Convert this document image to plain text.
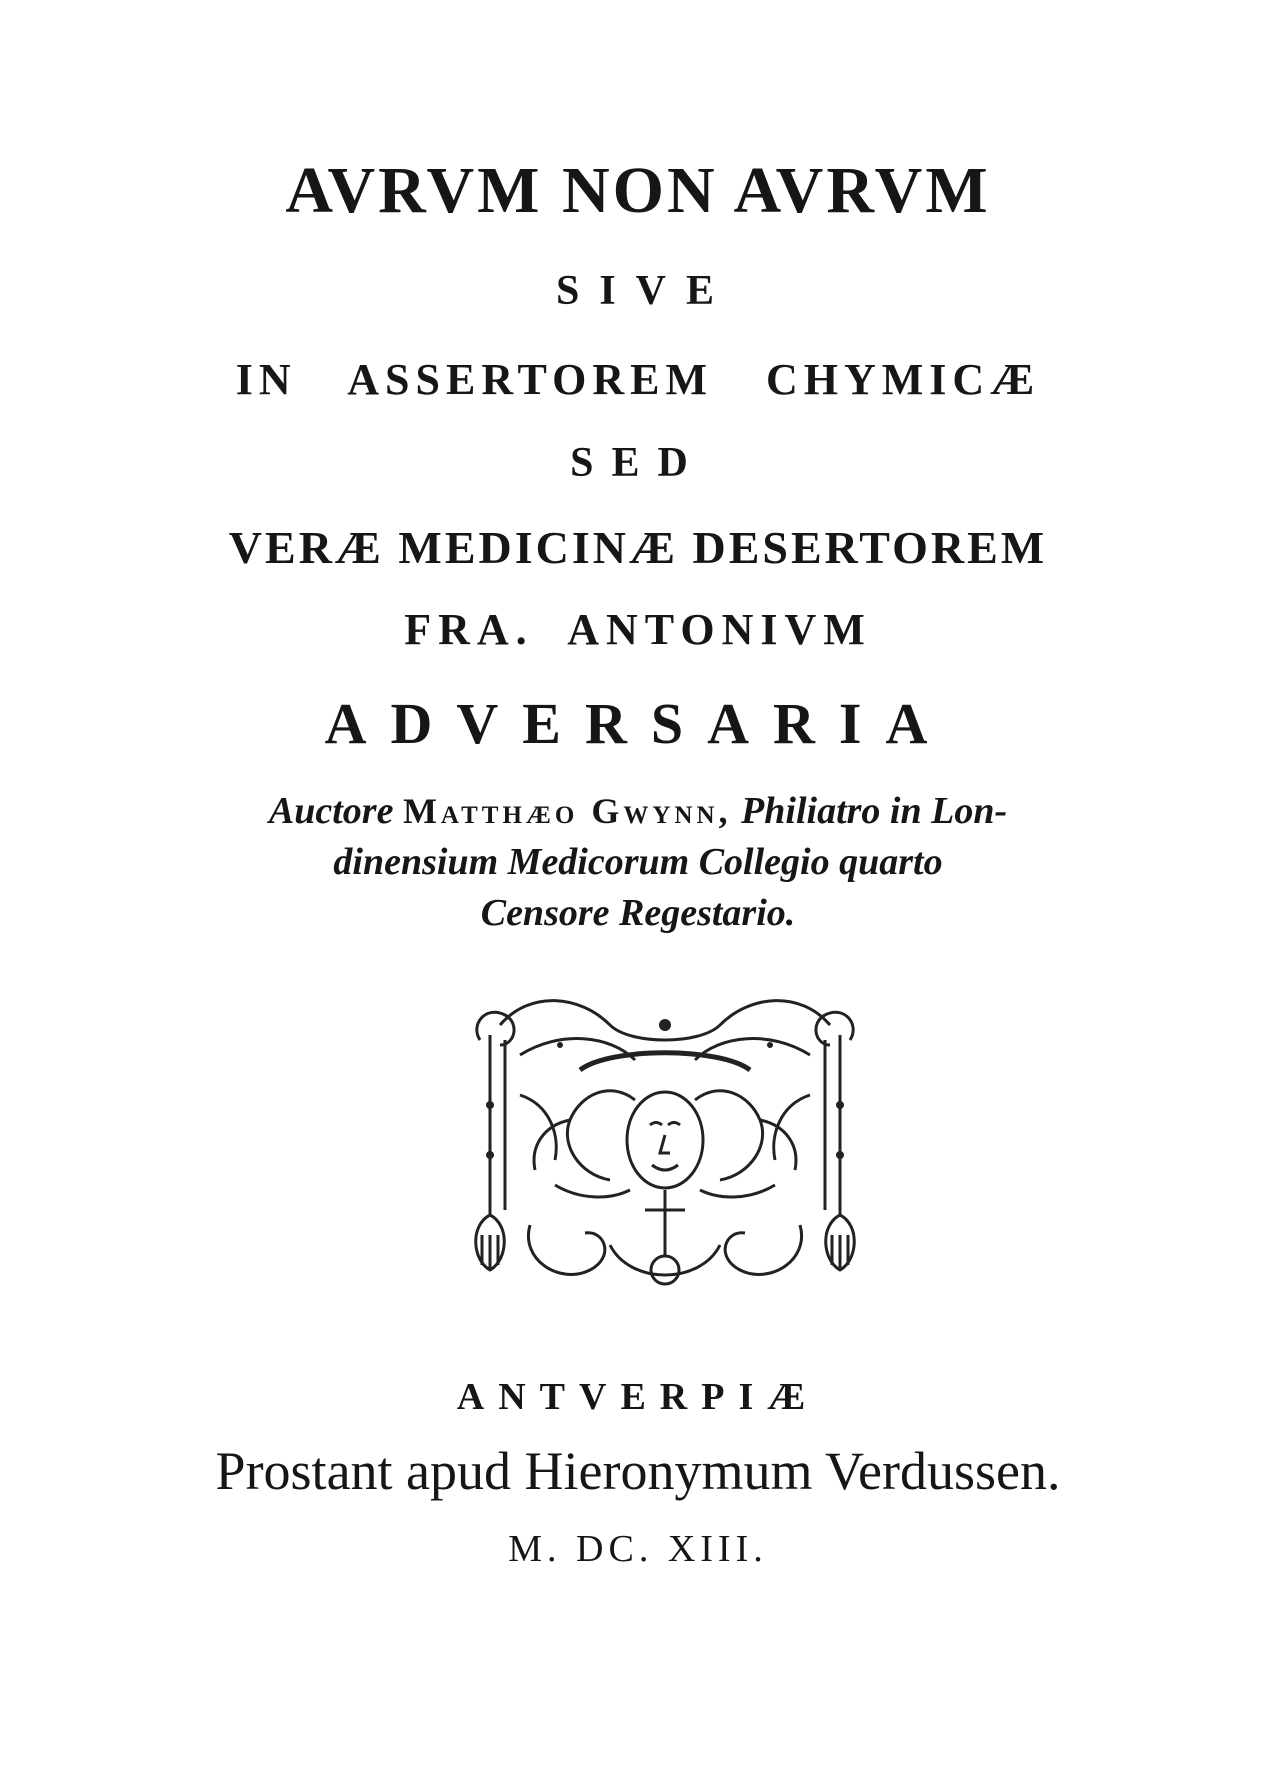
AVRVM NON AVRVM
SIVE
IN ASSERTOREM CHYMICÆ
SED
VERÆ MEDICINÆ DESERTOREM
FRA. ANTONIVM
ADVERSARIA
Auctore Matthæo Gwynn, Philiatro in Lon-
dinensium Medicorum Collegio quarto
Censore Regestario.
ANTVERPIÆ
Prostant apud Hieronymum Verdussen.
M. DC. XIII.
